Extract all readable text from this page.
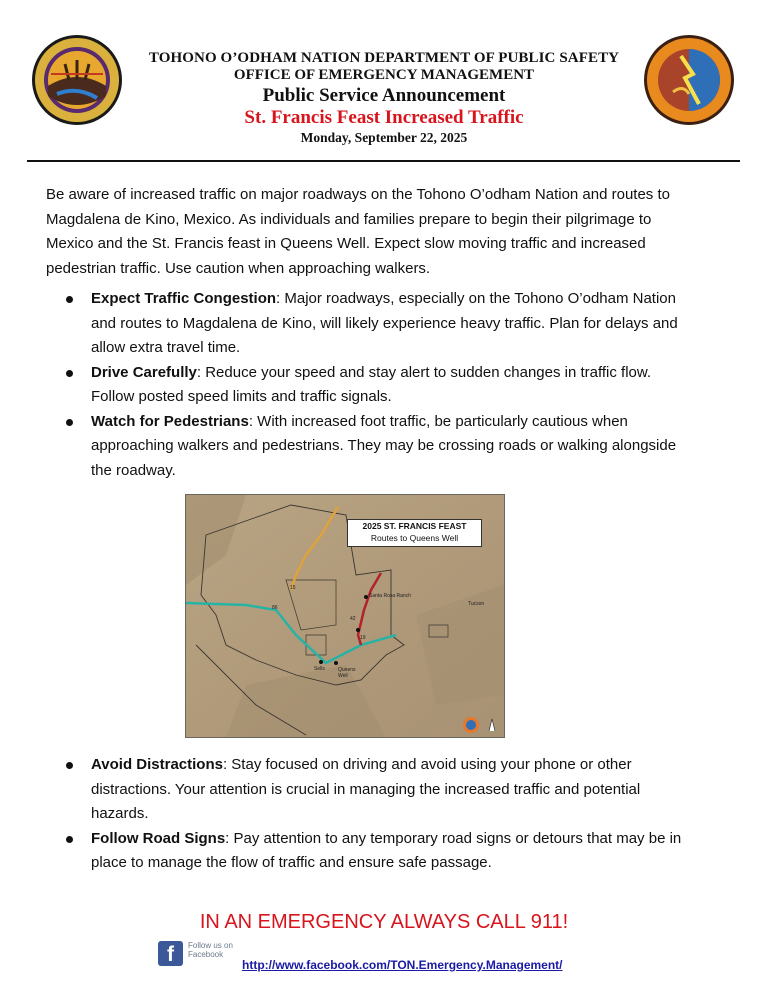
TOHONO O’ODHAM NATION DEPARTMENT OF PUBLIC SAFETY
OFFICE OF EMERGENCY MANAGEMENT
Public Service Announcement
St. Francis Feast Increased Traffic
Monday, September 22, 2025

Be aware of increased traffic on major roadways on the Tohono O’odham Nation and routes to Magdalena de Kino, Mexico. As individuals and families prepare to begin their pilgrimage to Mexico and the St. Francis feast in Queens Well. Expect slow moving traffic and increased pedestrian traffic. Use caution when approaching walkers.

Expect Traffic Congestion: Major roadways, especially on the Tohono O’odham Nation and routes to Magdalena de Kino, will likely experience heavy traffic. Plan for delays and allow extra travel time.
Drive Carefully: Reduce your speed and stay alert to sudden changes in traffic flow. Follow posted speed limits and traffic signals.
Watch for Pedestrians: With increased foot traffic, be particularly cautious when approaching walkers and pedestrians. They may be crossing roads or walking alongside the roadway.
2025 ST. FRANCIS FEAST
Routes to Queens Well
Tucson
Sells	Queens Well
Santa Rosa Ranch
15
86
42
19
Avoid Distractions: Stay focused on driving and avoid using your phone or other distractions. Your attention is crucial in managing the increased traffic and potential hazards.
Follow Road Signs: Pay attention to any temporary road signs or detours that may be in place to manage the flow of traffic and ensure safe passage.
IN AN EMERGENCY ALWAYS CALL 911!
f	Follow us on Facebook
http://www.facebook.com/TON.Emergency.Management/
